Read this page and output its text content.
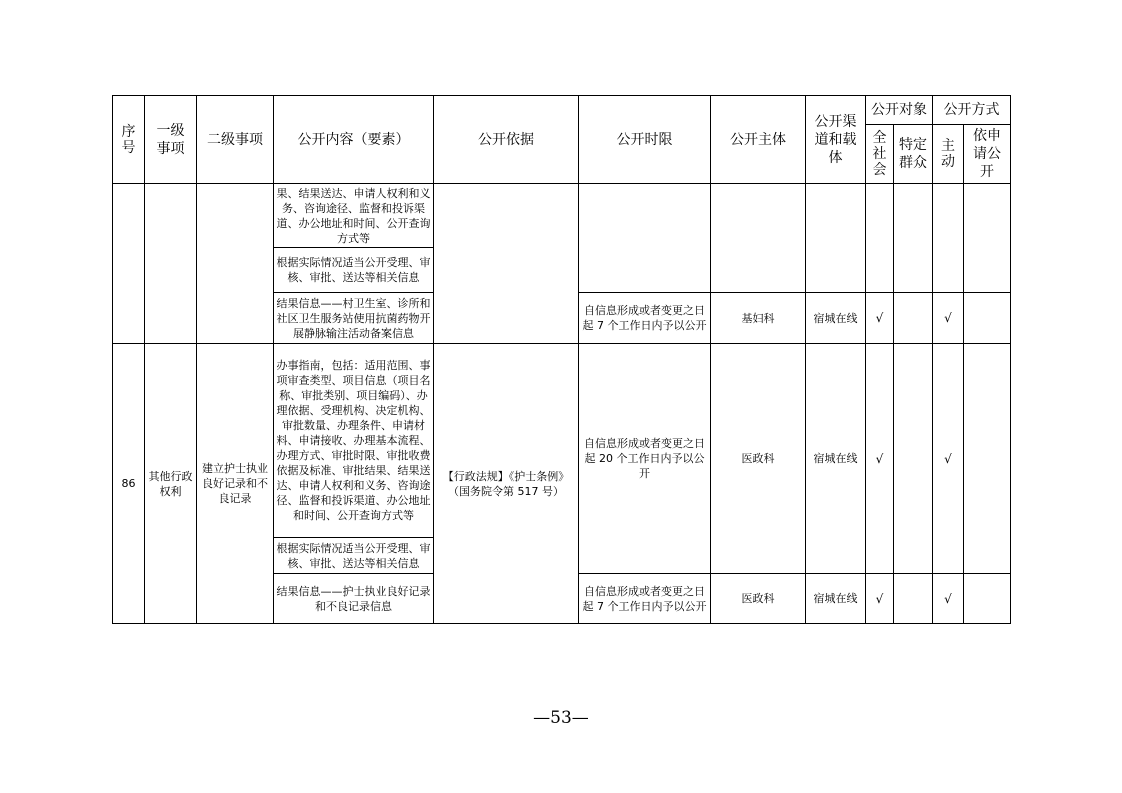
序号	一级事项	二级事项	公开内容（要素）	公开依据	公开时限	公开主体	公开渠道和载体	公开对象		公开方式	
								全社会	特定群众	主动	依申请公开
			果、结果送达、申请人权利和义务、咨询途径、监督和投诉渠道、办公地址和时间、公开查询方式等								
			根据实际情况适当公开受理、审核、审批、送达等相关信息								
			结果信息——村卫生室、诊所和社区卫生服务站使用抗菌药物开展静脉输注活动备案信息		自信息形成或者变更之日起 7 个工作日内予以公开	基妇科	宿城在线	√		√	
86	其他行政权利	建立护士执业良好记录和不良记录	办事指南，包括：适用范围、事项审查类型、项目信息（项目名称、审批类别、项目编码）、办理依据、受理机构、决定机构、审批数量、办理条件、申请材料、申请接收、办理基本流程、办理方式、审批时限、审批收费依据及标准、审批结果、结果送达、申请人权利和义务、咨询途径、监督和投诉渠道、办公地址和时间、公开查询方式等	【行政法规】《护士条例》（国务院令第 517 号）	自信息形成或者变更之日起 20 个工作日内予以公开	医政科	宿城在线	√		√	
			根据实际情况适当公开受理、审核、审批、送达等相关信息								
			结果信息——护士执业良好记录和不良记录信息		自信息形成或者变更之日起 7 个工作日内予以公开	医政科	宿城在线	√		√	
—53—
